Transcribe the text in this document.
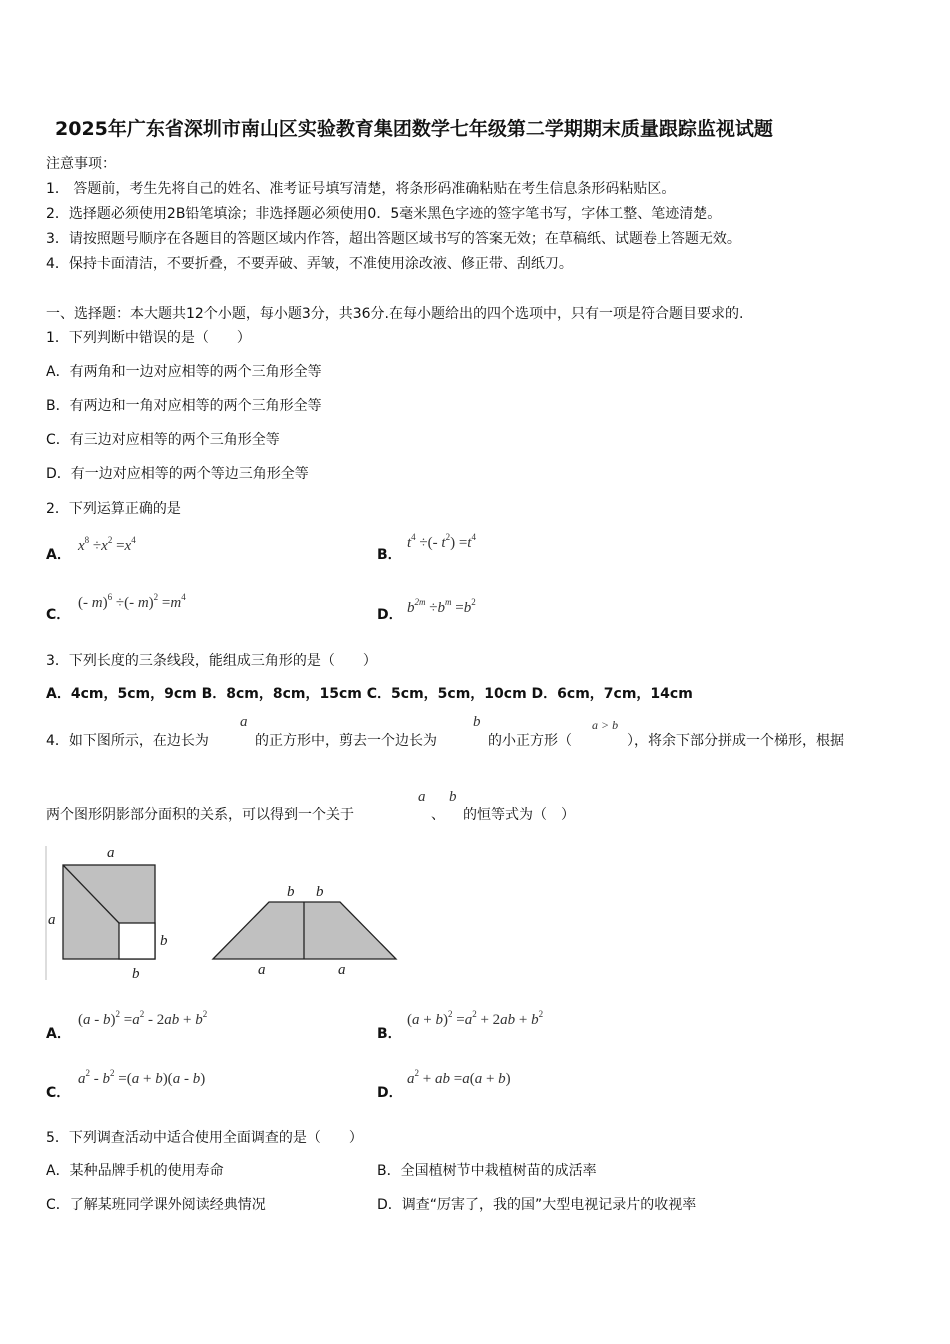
2025年广东省深圳市南山区实验教育集团数学七年级第二学期期末质量跟踪监视试题
注意事项：
1． 答题前，考生先将自己的姓名、准考证号填写清楚，将条形码准确粘贴在考生信息条形码粘贴区。
2．选择题必须使用2B铅笔填涂；非选择题必须使用0．5毫米黑色字迹的签字笔书写，字体工整、笔迹清楚。
3．请按照题号顺序在各题目的答题区域内作答，超出答题区域书写的答案无效；在草稿纸、试题卷上答题无效。
4．保持卡面清洁，不要折叠，不要弄破、弄皱，不准使用涂改液、修正带、刮纸刀。
一、选择题：本大题共12个小题，每小题3分，共36分.在每小题给出的四个选项中，只有一项是符合题目要求的.
1．下列判断中错误的是（　　）
A．有两角和一边对应相等的两个三角形全等
B．有两边和一角对应相等的两个三角形全等
C．有三边对应相等的两个三角形全等
D．有一边对应相等的两个等边三角形全等
2．下列运算正确的是
A．
$x^8 \div x^2 =x^4$
B．
$t^4$ ÷(- $t^2) =t^4$
C．
(- m)$^6$ ÷(- $m)^2 =m^4$
D． $b^{2m} \div b^m =b^2$
3．下列长度的三条线段，能组成三角形的是（　　）
A．4cm，5cm，9cm B．8cm，8cm，15cm C．5cm，5cm，10cm D．6cm，7cm，14cm
4．如下图所示，在边长为
a
的正方形中，剪去一个边长为
b
的小正方形（
a > b
），将余下部分拼成一个梯形，根据
两个图形阴影部分面积的关系，可以得到一个关于
a
、
b
的恒等式为（　）
a
a
b
b
b b
a	a
A．
$(a - b)^2 =a^2 - 2ab + b^2$
B．
$(a + b)^2 =a^2 + 2ab + b^2$
C．
$a^2 - b^2 =(a + b)(a - b)$
D．
$a^2$ + ab =a(a + b)
5．下列调查活动中适合使用全面调查的是（　　）
A．某种品牌手机的使用寿命	B．全国植树节中栽植树苗的成活率
C．了解某班同学课外阅读经典情况	D．调查“厉害了，我的国”大型电视记录片的收视率
